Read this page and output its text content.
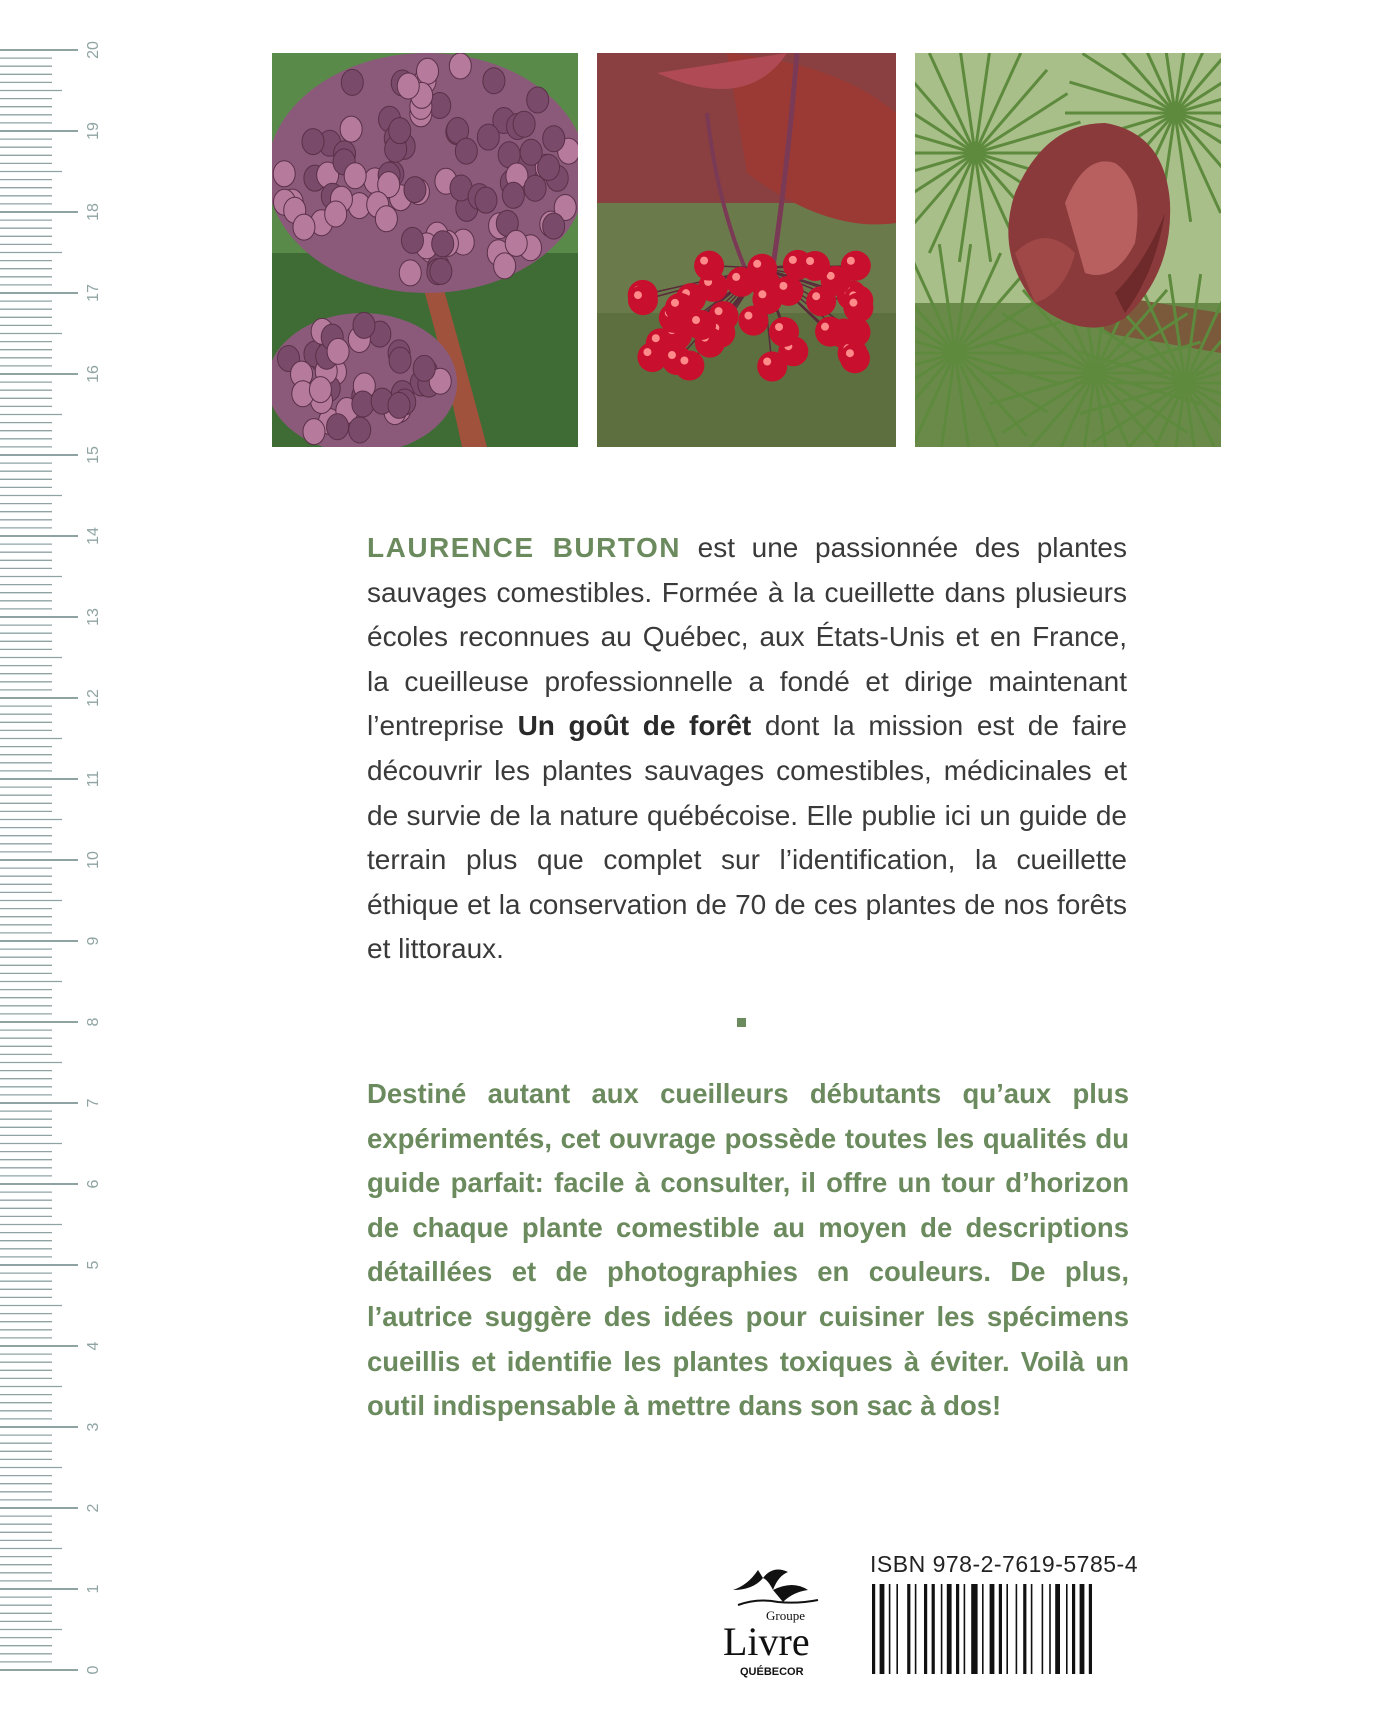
20
19
18
17
16
15
14
13
12
11
10
9
8
7
6
5
4
3
2
1
0
LAURENCE BURTON est une passionnée des plantes sauvages comestibles. Formée à la cueillette dans plusieurs écoles reconnues au Québec, aux États-Unis et en France, la cueilleuse professionnelle a fondé et dirige maintenant l’entreprise Un goût de forêt dont la mission est de faire découvrir les plantes sauvages comestibles, médicinales et de survie de la nature québécoise. Elle publie ici un guide de terrain plus que complet sur l’identification, la cueillette éthique et la conservation de 70 de ces plantes de nos forêts et littoraux.
Destiné autant aux cueilleurs débutants qu’aux plus expérimentés, cet ouvrage possède toutes les qualités du guide parfait: facile à consulter, il offre un tour d’horizon de chaque plante comestible au moyen de descriptions détaillées et de photographies en couleurs. De plus, l’autrice suggère des idées pour cuisiner les spécimens cueillis et identifie les plantes toxiques à éviter. Voilà un outil indispensable à mettre dans son sac à dos!
Groupe
Livre
QUÉBECOR
ISBN 978-2-7619-5785-4
